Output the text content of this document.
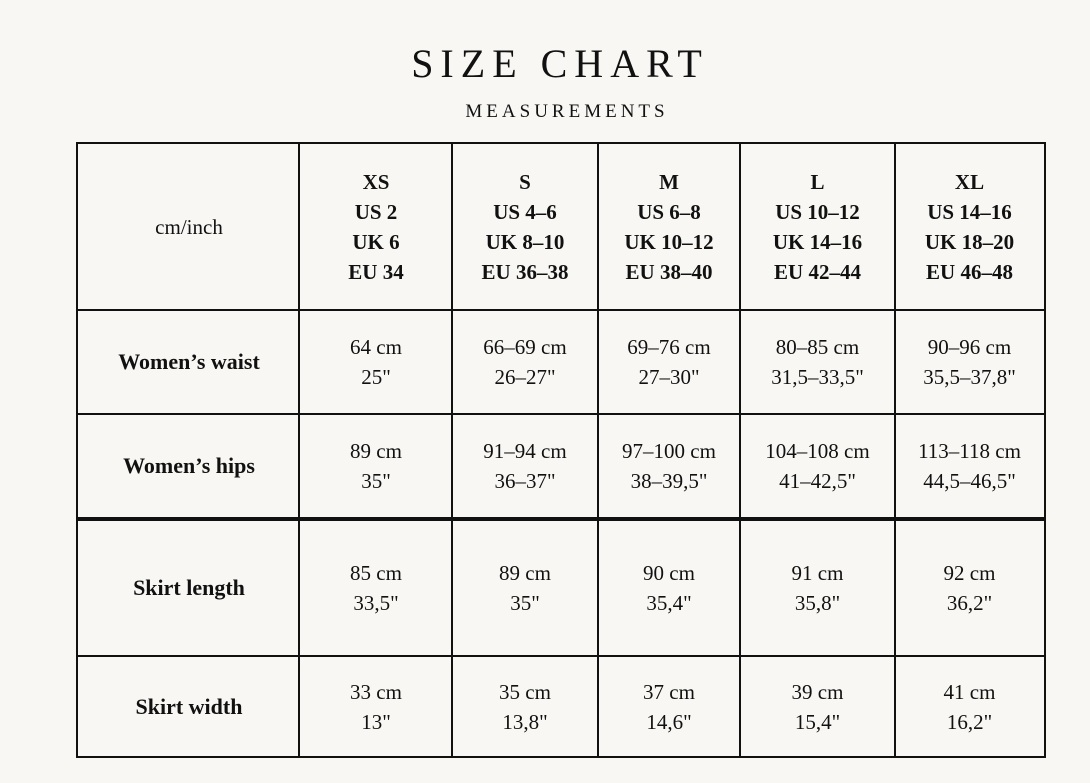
SIZE CHART
MEASUREMENTS
cm/inch
XS
US 2
UK 6
EU 34
S
US 4–6
UK 8–10
EU 36–38
M
US 6–8
UK 10–12
EU 38–40
L
US 10–12
UK 14–16
EU 42–44
XL
US 14–16
UK 18–20
EU 46–48
Women’s waist
64 cm
25"
66–69 cm
26–27"
69–76 cm
27–30"
80–85 cm
31,5–33,5"
90–96 cm
35,5–37,8"
Women’s hips
89 cm
35"
91–94 cm
36–37"
97–100 cm
38–39,5"
104–108 cm
41–42,5"
113–118 cm
44,5–46,5"
Skirt length
85 cm
33,5"
89 cm
35"
90 cm
35,4"
91 cm
35,8"
92 cm
36,2"
Skirt width
33 cm
13"
35 cm
13,8"
37 cm
14,6"
39 cm
15,4"
41 cm
16,2"
